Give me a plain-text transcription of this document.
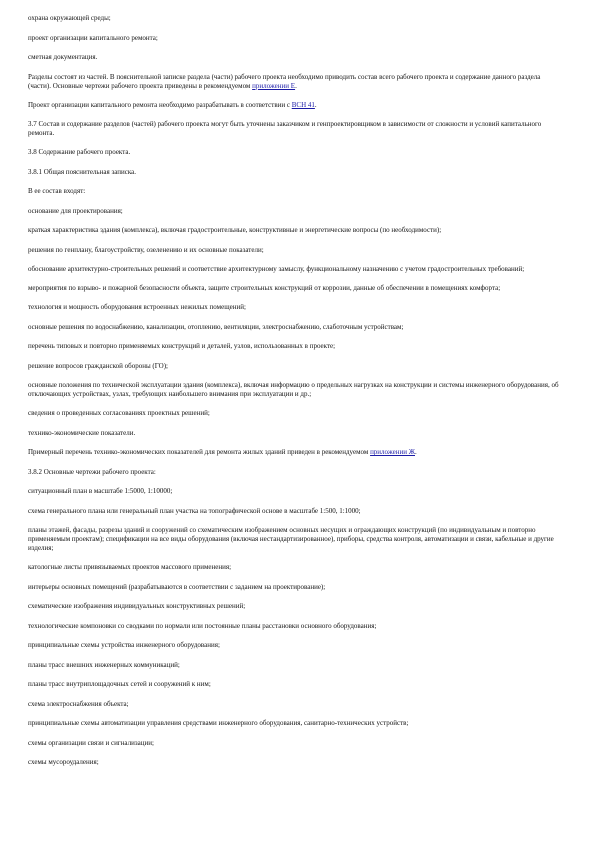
охрана окружающей среды;

проект организации капитального ремонта;

сметная документация.

Разделы состоят из частей. В пояснительной записке раздела (части) рабочего проекта необходимо приводить состав всего рабочего проекта и содержание данного раздела (части). Основные чертежи рабочего проекта приведены в рекомендуемом приложении Е.

Проект организации капитального ремонта необходимо разрабатывать в соответствии с ВСН 41.

3.7 Состав и содержание разделов (частей) рабочего проекта могут быть уточнены заказчиком и генпроектировщиком в зависимости от сложности и условий капитального ремонта.

3.8 Содержание рабочего проекта.

3.8.1 Общая пояснительная записка.

В ее состав входят:

основание для проектирования;

краткая характеристика здания (комплекса), включая градостроительные, конструктивные и энергетические вопросы (по необходимости);

решения по генплану, благоустройству, озеленению и их основные показатели;

обоснование архитектурно-строительных решений и соответствие архитектурному замыслу, функциональному назначению с учетом градостроительных требований;

мероприятия по взрыво- и пожарной безопасности объекта, защите строительных конструкций от коррозии, данные об обеспечении в помещениях комфорта;

технология и мощность оборудования встроенных нежилых помещений;

основные решения по водоснабжению, канализации, отоплению, вентиляции, электроснабжению, слаботочным устройствам;

перечень типовых и повторно применяемых конструкций и деталей, узлов, использованных в проекте;

решение вопросов гражданской обороны (ГО);

основные положения по технической эксплуатации здания (комплекса), включая информацию о предельных нагрузках на конструкции и системы инженерного оборудования, об отключающих устройствах, узлах, требующих наибольшего внимания при эксплуатации и др.;

сведения о проведенных согласованиях проектных решений;

технико-экономические показатели.

Примерный перечень технико-экономических показателей для ремонта жилых зданий приведен в рекомендуемом приложении Ж.

3.8.2 Основные чертежи рабочего проекта:

ситуационный план в масштабе 1:5000, 1:10000;

схема генерального плана или генеральный план участка на топографической основе в масштабе 1:500, 1:1000;

планы этажей, фасады, разрезы зданий и сооружений со схематическим изображением основных несущих и ограждающих конструкций (по индивидуальным и повторно применяемым проектам); спецификации на все виды оборудования (включая нестандартизированное), приборы, средства контроля, автоматизации и связи, кабельные и другие изделия;

катологные листы привязываемых проектов массового применения;

интерьеры основных помещений (разрабатываются в соответствии с заданием на проектирование);

схематические изображения индивидуальных конструктивных решений;

технологические компоновки со сводками по нормали или постоянные планы расстановки основного оборудования;

принципиальные схемы устройства инженерного оборудования;

планы трасс внешних инженерных коммуникаций;

планы трасс внутриплощадочных сетей и сооружений к ним;

схема электроснабжения объекта;

принципиальные схемы автоматизации управления средствами инженерного оборудования, санитарно-технических устройств;

схемы организации связи и сигнализации;

схемы мусороудаления;
